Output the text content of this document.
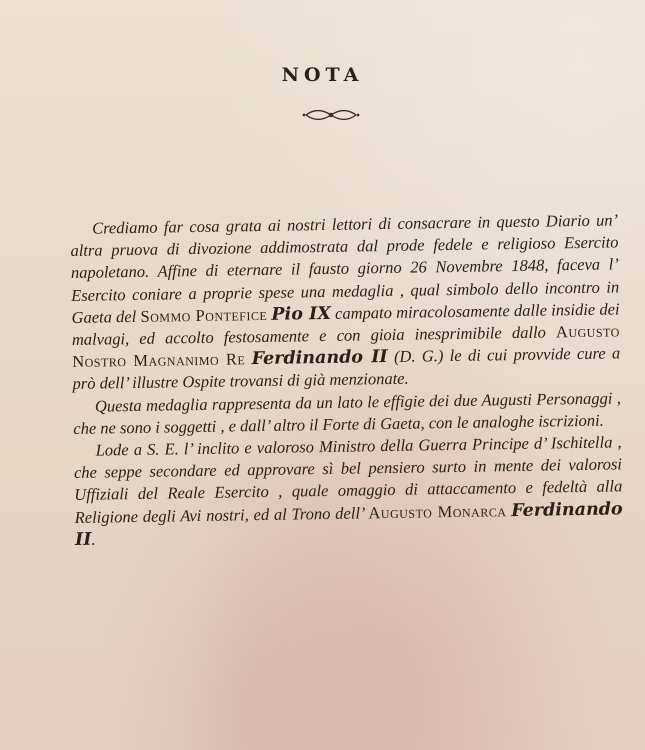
NOTA

Crediamo far cosa grata ai nostri lettori di consacrare in questo Diario un’ altra pruova di divozione addimostrata dal prode fedele e religioso Esercito napoletano. Affine di eternare il fausto giorno 26 Novembre 1848, faceva l’ Esercito coniare a proprie spese una medaglia , qual simbolo dello incontro in Gaeta del Sommo Pontefice Pio IX campato miracolosamente dalle insidie dei malvagi, ed accolto festosamente e con gioia inesprimibile dallo Augusto Nostro Magnanimo Re Ferdinando II (D. G.) le di cui provvide cure a prò dell’ illustre Ospite trovansi di già menzionate.

Questa medaglia rappresenta da un lato le effigie dei due Augusti Personaggi , che ne sono i soggetti , e dall’ altro il Forte di Gaeta, con le analoghe iscrizioni.

Lode a S. E. l’ inclito e valoroso Ministro della Guerra Principe d’ Ischitella , che seppe secondare ed approvare sì bel pensiero surto in mente dei valorosi Uffiziali del Reale Esercito , quale omaggio di attaccamento e fedeltà alla Religione degli Avi nostri, ed al Trono dell’ Augusto Monarca Ferdinando II.
